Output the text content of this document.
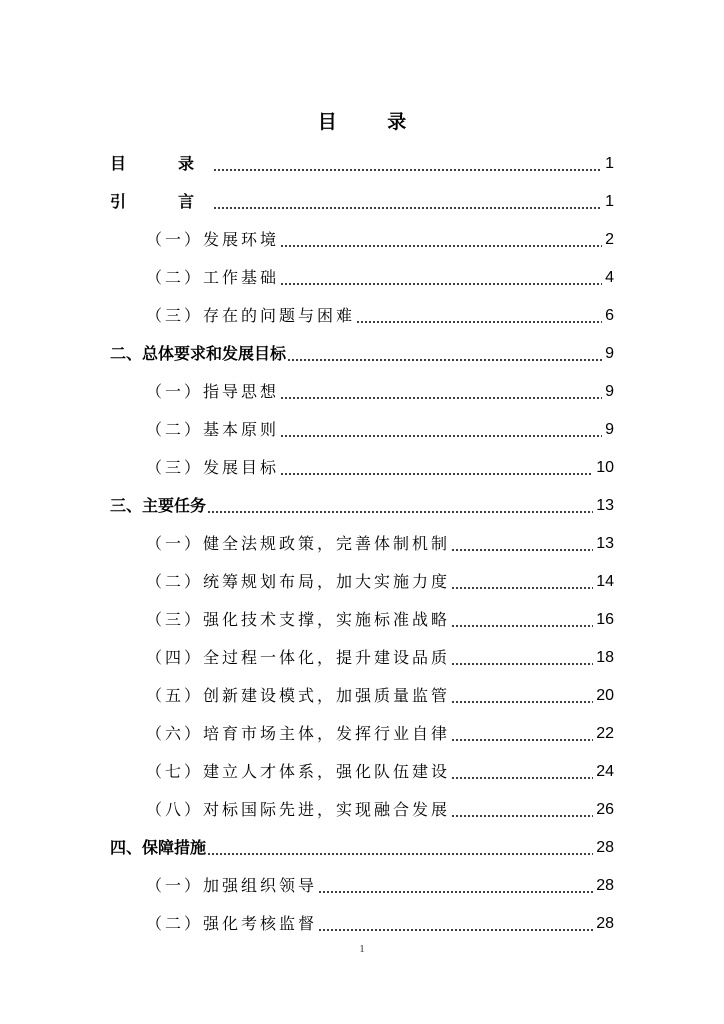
目 录
目　录	1
引　言	1
（一）发展环境	2
（二）工作基础	4
（三）存在的问题与困难	6
二、总体要求和发展目标	9
（一）指导思想	9
（二）基本原则	9
（三）发展目标	10
三、主要任务	13
（一）健全法规政策，完善体制机制	13
（二）统筹规划布局，加大实施力度	14
（三）强化技术支撑，实施标准战略	16
（四）全过程一体化，提升建设品质	18
（五）创新建设模式，加强质量监管	20
（六）培育市场主体，发挥行业自律	22
（七）建立人才体系，强化队伍建设	24
（八）对标国际先进，实现融合发展	26
四、保障措施	28
（一）加强组织领导	28
（二）强化考核监督	28
1
